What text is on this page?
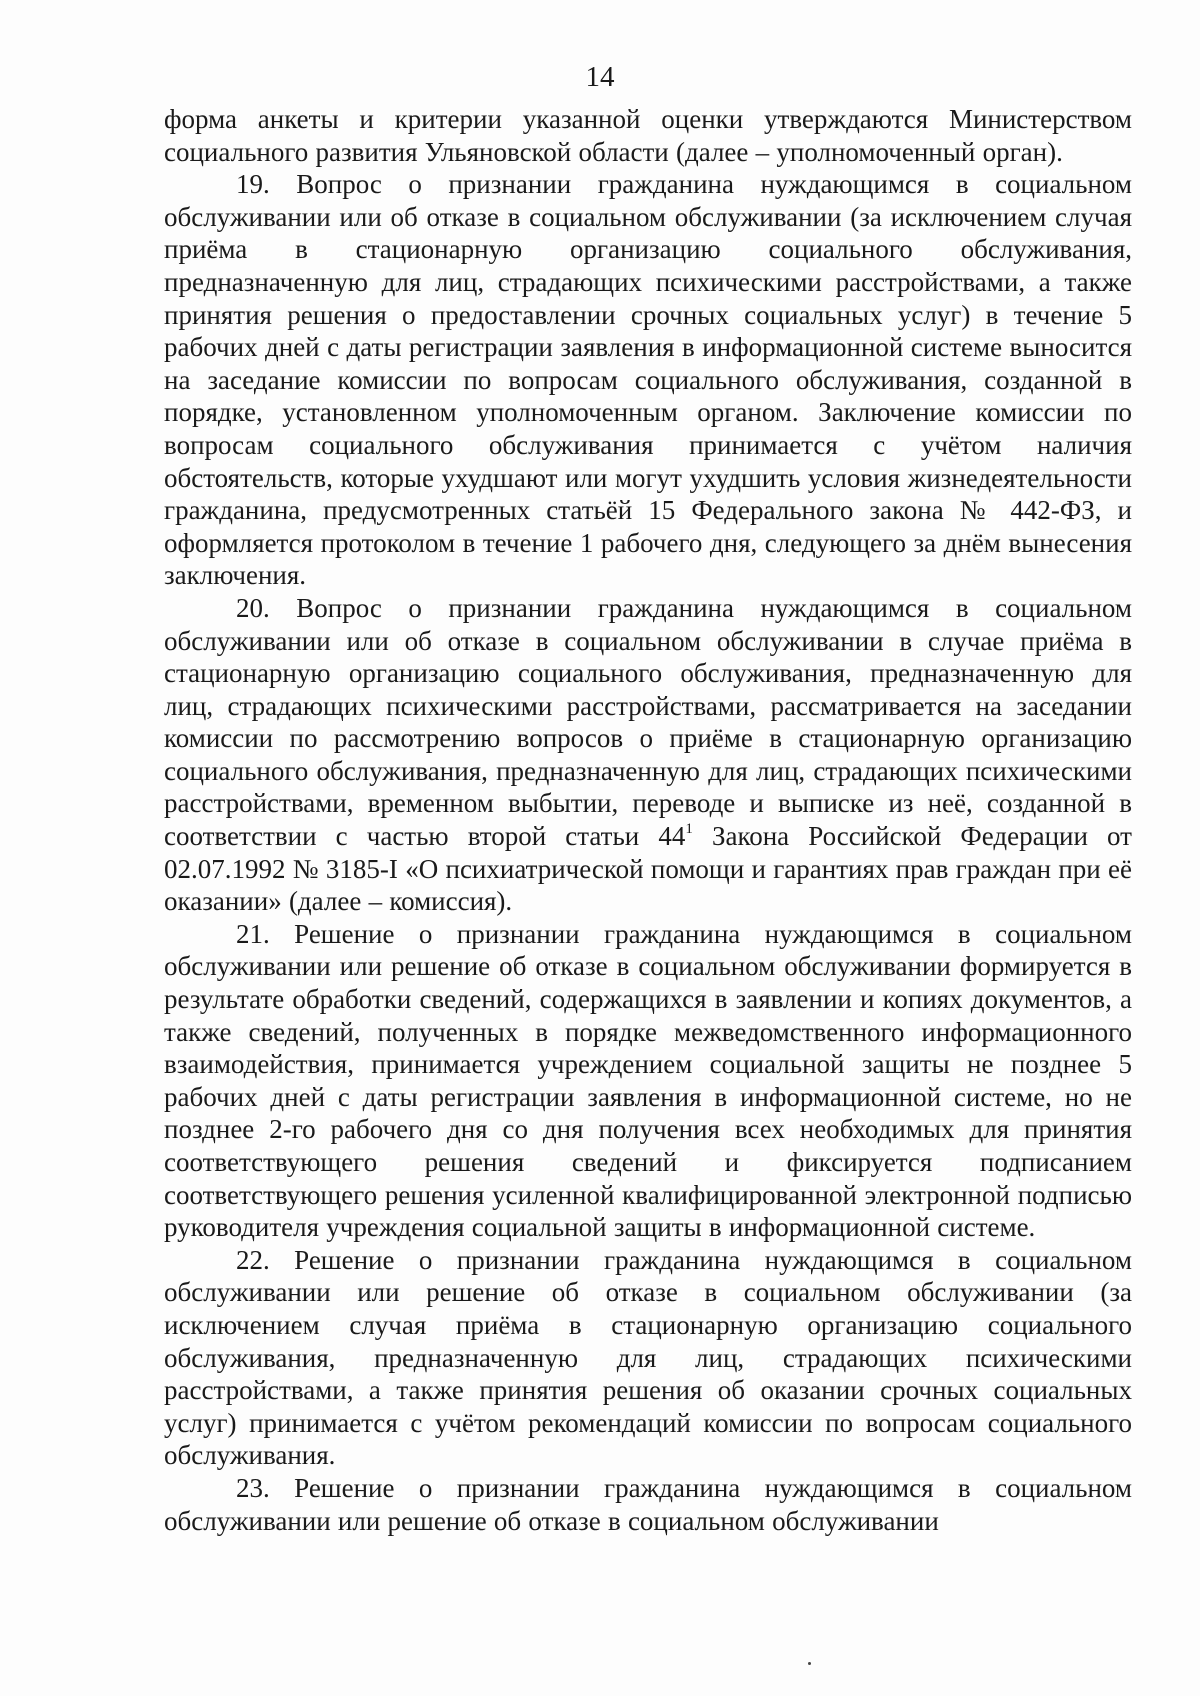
14

форма анкеты и критерии указанной оценки утверждаются Министерством социального развития Ульяновской области (далее – уполномоченный орган).

19. Вопрос о признании гражданина нуждающимся в социальном обслуживании или об отказе в социальном обслуживании (за исключением случая приёма в стационарную организацию социального обслуживания, предназначенную для лиц, страдающих психическими расстройствами, а также принятия решения о предоставлении срочных социальных услуг) в течение 5 рабочих дней с даты регистрации заявления в информационной системе выносится на заседание комиссии по вопросам социального обслуживания, созданной в порядке, установленном уполномоченным органом. Заключение комиссии по вопросам социального обслуживания принимается с учётом наличия обстоятельств, которые ухудшают или могут ухудшить условия жизнедеятельности гражданина, предусмотренных статьёй 15 Федерального закона № 442-ФЗ, и оформляется протоколом в течение 1 рабочего дня, следующего за днём вынесения заключения.

20. Вопрос о признании гражданина нуждающимся в социальном обслуживании или об отказе в социальном обслуживании в случае приёма в стационарную организацию социального обслуживания, предназначенную для лиц, страдающих психическими расстройствами, рассматривается на заседании комиссии по рассмотрению вопросов о приёме в стационарную организацию социального обслуживания, предназначенную для лиц, страдающих психическими расстройствами, временном выбытии, переводе и выписке из неё, созданной в соответствии с частью второй статьи $44^1$ Закона Российской Федерации от 02.07.1992 № 3185-I «О психиатрической помощи и гарантиях прав граждан при её оказании» (далее – комиссия).

21. Решение о признании гражданина нуждающимся в социальном обслуживании или решение об отказе в социальном обслуживании формируется в результате обработки сведений, содержащихся в заявлении и копиях документов, а также сведений, полученных в порядке межведомственного информационного взаимодействия, принимается учреждением социальной защиты не позднее 5 рабочих дней с даты регистрации заявления в информационной системе, но не позднее 2-го рабочего дня со дня получения всех необходимых для принятия соответствующего решения сведений и фиксируется подписанием соответствующего решения усиленной квалифицированной электронной подписью руководителя учреждения социальной защиты в информационной системе.

22. Решение о признании гражданина нуждающимся в социальном обслуживании или решение об отказе в социальном обслуживании (за исключением случая приёма в стационарную организацию социального обслуживания, предназначенную для лиц, страдающих психическими расстройствами, а также принятия решения об оказании срочных социальных услуг) принимается с учётом рекомендаций комиссии по вопросам социального обслуживания.

23. Решение о признании гражданина нуждающимся в социальном обслуживании или решение об отказе в социальном обслуживании
